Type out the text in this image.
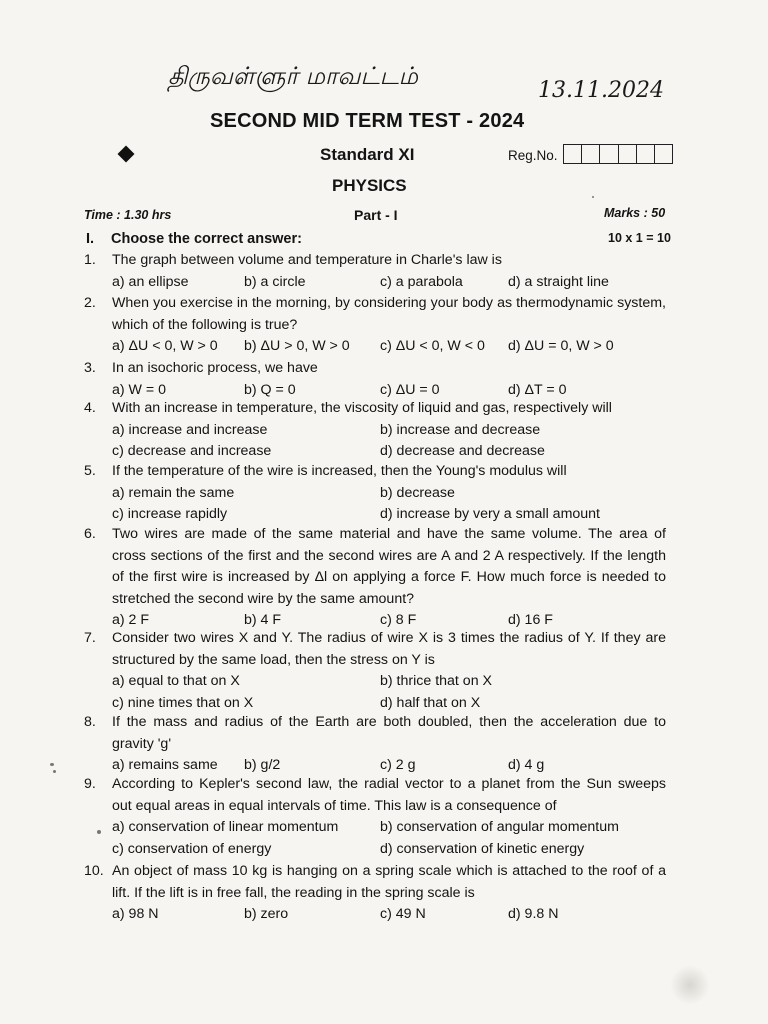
திருவள்ளுர் மாவட்டம்
13.11.2024
SECOND MID TERM TEST - 2024
Standard XI	Reg.No.
PHYSICS
Time : 1.30 hrs	Part - I	Marks : 50
I. Choose the correct answer:	10 x 1 = 10
1. The graph between volume and temperature in Charle's law is
a) an ellipse	b) a circle	c) a parabola	d) a straight line
2. When you exercise in the morning, by considering your body as thermodynamic system,
which of the following is true?
a) ΔU < 0, W > 0 b) ΔU > 0, W > 0 c) ΔU < 0, W < 0 d) ΔU = 0, W > 0
3. In an isochoric process, we have
a) W = 0	b) Q = 0	c) ΔU = 0	d) ΔT = 0
4. With an increase in temperature, the viscosity of liquid and gas, respectively will
a) increase and increase	b) increase and decrease
c) decrease and increase	d) decrease and decrease
5. If the temperature of the wire is increased, then the Young's modulus will
a) remain the same	b) decrease
c) increase rapidly	d) increase by very a small amount
6. Two wires are made of the same material and have the same volume. The area of
cross sections of the first and the second wires are A and 2 A respectively. If the length
of the first wire is increased by Δl on applying a force F. How much force is needed to
stretched the second wire by the same amount?
a) 2 F	b) 4 F	c) 8 F	d) 16 F
7. Consider two wires X and Y. The radius of wire X is 3 times the radius of Y. If they are
structured by the same load, then the stress on Y is
a) equal to that on X	b) thrice that on X
c) nine times that on X	d) half that on X
8. If the mass and radius of the Earth are both doubled, then the acceleration due to
gravity 'g'
a) remains same b) g/2	c) 2 g	d) 4 g
9. According to Kepler's second law, the radial vector to a planet from the Sun sweeps
out equal areas in equal intervals of time. This law is a consequence of
a) conservation of linear momentum	b) conservation of angular momentum
c) conservation of energy	d) conservation of kinetic energy
10. An object of mass 10 kg is hanging on a spring scale which is attached to the roof of a
lift. If the lift is in free fall, the reading in the spring scale is
a) 98 N	b) zero	c) 49 N	d) 9.8 N
